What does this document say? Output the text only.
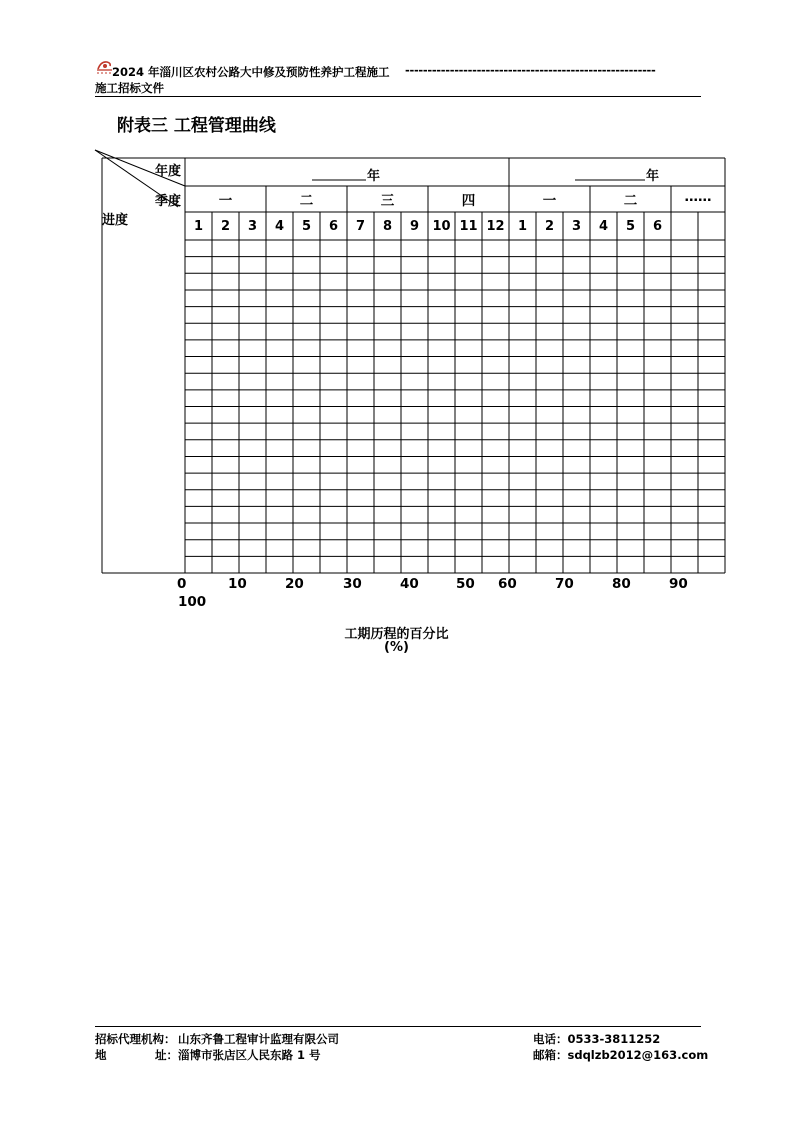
2024 年淄川区农村公路大中修及预防性养护工程施工 --------------------------------------------------------
施工招标文件
附表三 工程管理曲线
年度
季度
进度
年	年
一	二	三	四	一	二	……
1	2	3	4	5	6	7	8	9	10 11 12	1	2	3	4	5	6
0	10	20	30	40	50 60	70	80	90
100
工期历程的百分比
(%)
招标代理机构： 山东齐鲁工程审计监理有限公司
地	址： 淄博市张店区人民东路 1 号
电话：0533-3811252
邮箱：sdqlzb2012@163.com
